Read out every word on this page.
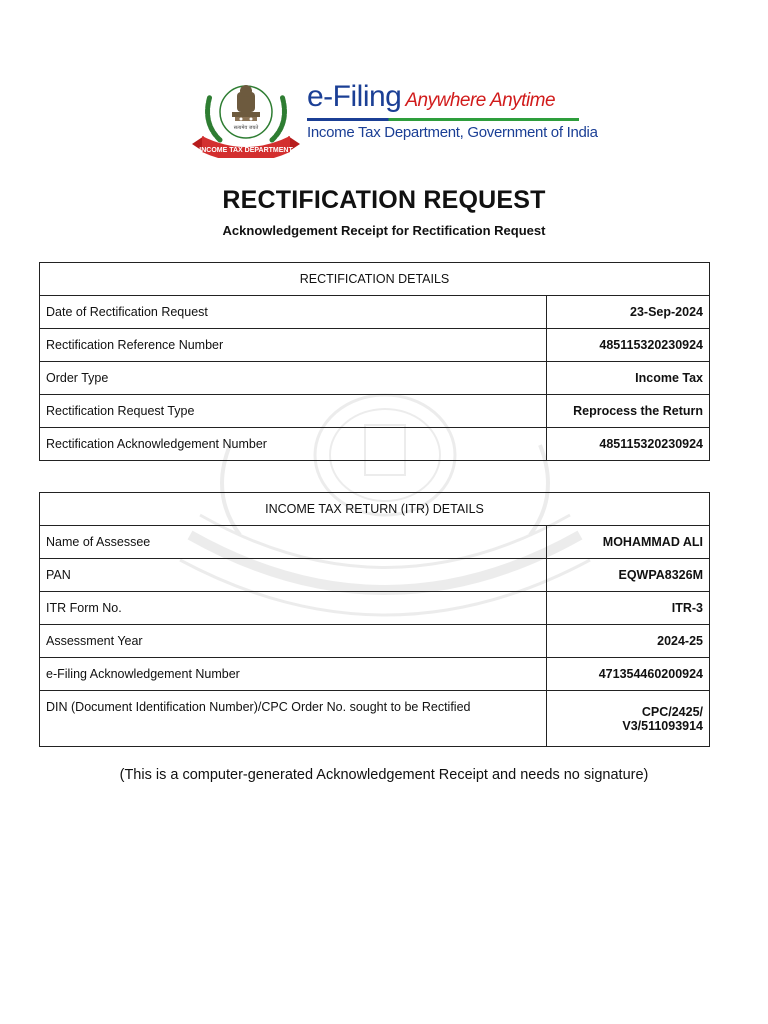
सत्यमेव जयते
INCOME TAX DEPARTMENT
e-Filing Anywhere Anytime
Income Tax Department, Government of India
RECTIFICATION REQUEST
Acknowledgement Receipt for Rectification Request
RECTIFICATION DETAILS	
Date of Rectification Request	23-Sep-2024
Rectification Reference Number	485115320230924
Order Type	Income Tax
Rectification Request Type	Reprocess the Return
Rectification Acknowledgement Number	485115320230924
INCOME TAX RETURN (ITR) DETAILS	
Name of Assessee	MOHAMMAD ALI
PAN	EQWPA8326M
ITR Form No.	ITR-3
Assessment Year	2024-25
e-Filing Acknowledgement Number	471354460200924
DIN (Document Identification Number)/CPC Order No. sought to be Rectified	CPC/2425/
V3/511093914
(This is a computer-generated Acknowledgement Receipt and needs no signature)
